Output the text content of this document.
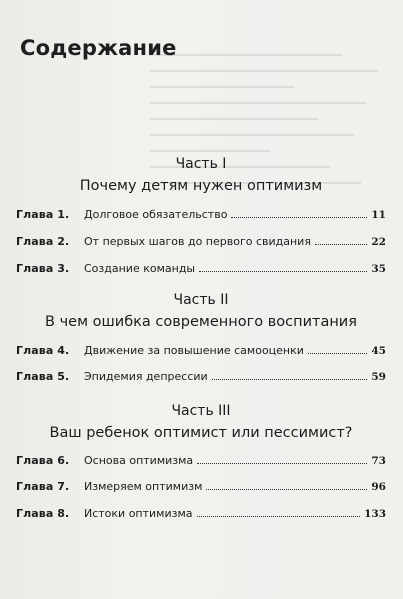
Содержание
Часть I
Почему детям нужен оптимизм
Глава 1.	Долговое обязательство	11
Глава 2.	От первых шагов до первого свидания	22
Глава 3.	Создание команды	35
Часть II
В чем ошибка современного воспитания
Глава 4.	Движение за повышение самооценки	45
Глава 5.	Эпидемия депрессии	59
Часть III
Ваш ребенок оптимист или пессимист?
Глава 6.	Основа оптимизма	73
Глава 7.	Измеряем оптимизм	96
Глава 8.	Истоки оптимизма	133
